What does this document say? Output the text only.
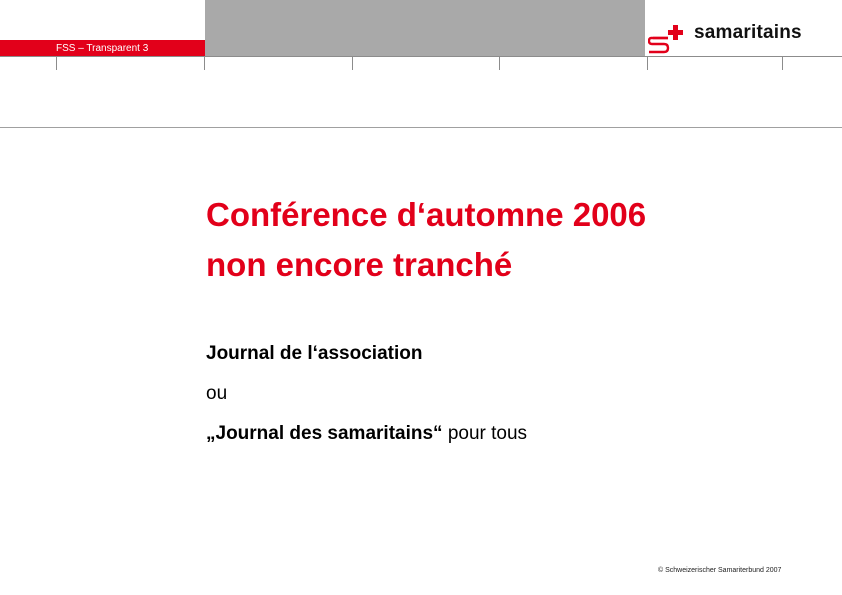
FSS – Transparent 3
samaritains
Conférence d‘automne 2006
non encore tranché
Journal de l‘association
ou
„Journal des samaritains“ pour tous
© Schweizerischer Samariterbund 2007
